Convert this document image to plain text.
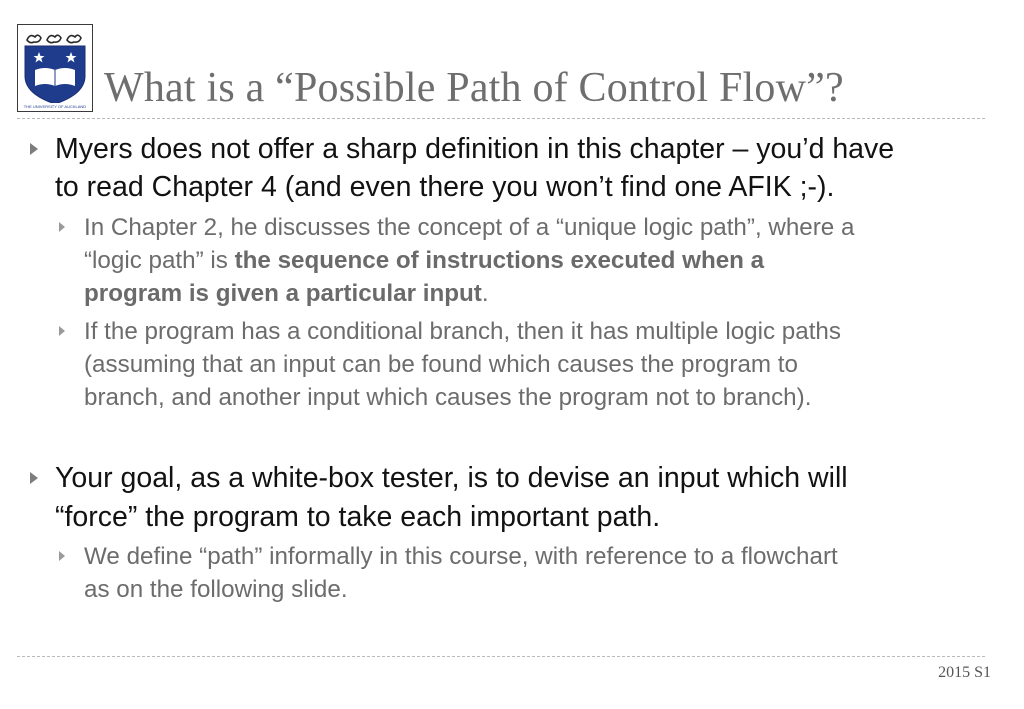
THE UNIVERSITY OF AUCKLAND What is a “Possible Path of Control Flow”?
Myers does not offer a sharp definition in this chapter – you’d have
to read Chapter 4 (and even there you won’t find one AFIK ;-).
In Chapter 2, he discusses the concept of a “unique logic path”, where a
“logic path” is the sequence of instructions executed when a
program is given a particular input.
If the program has a conditional branch, then it has multiple logic paths
(assuming that an input can be found which causes the program to
branch, and another input which causes the program not to branch).
Your goal, as a white-box tester, is to devise an input which will
“force” the program to take each important path.
We define “path” informally in this course, with reference to a flowchart
as on the following slide.
2015 S1
